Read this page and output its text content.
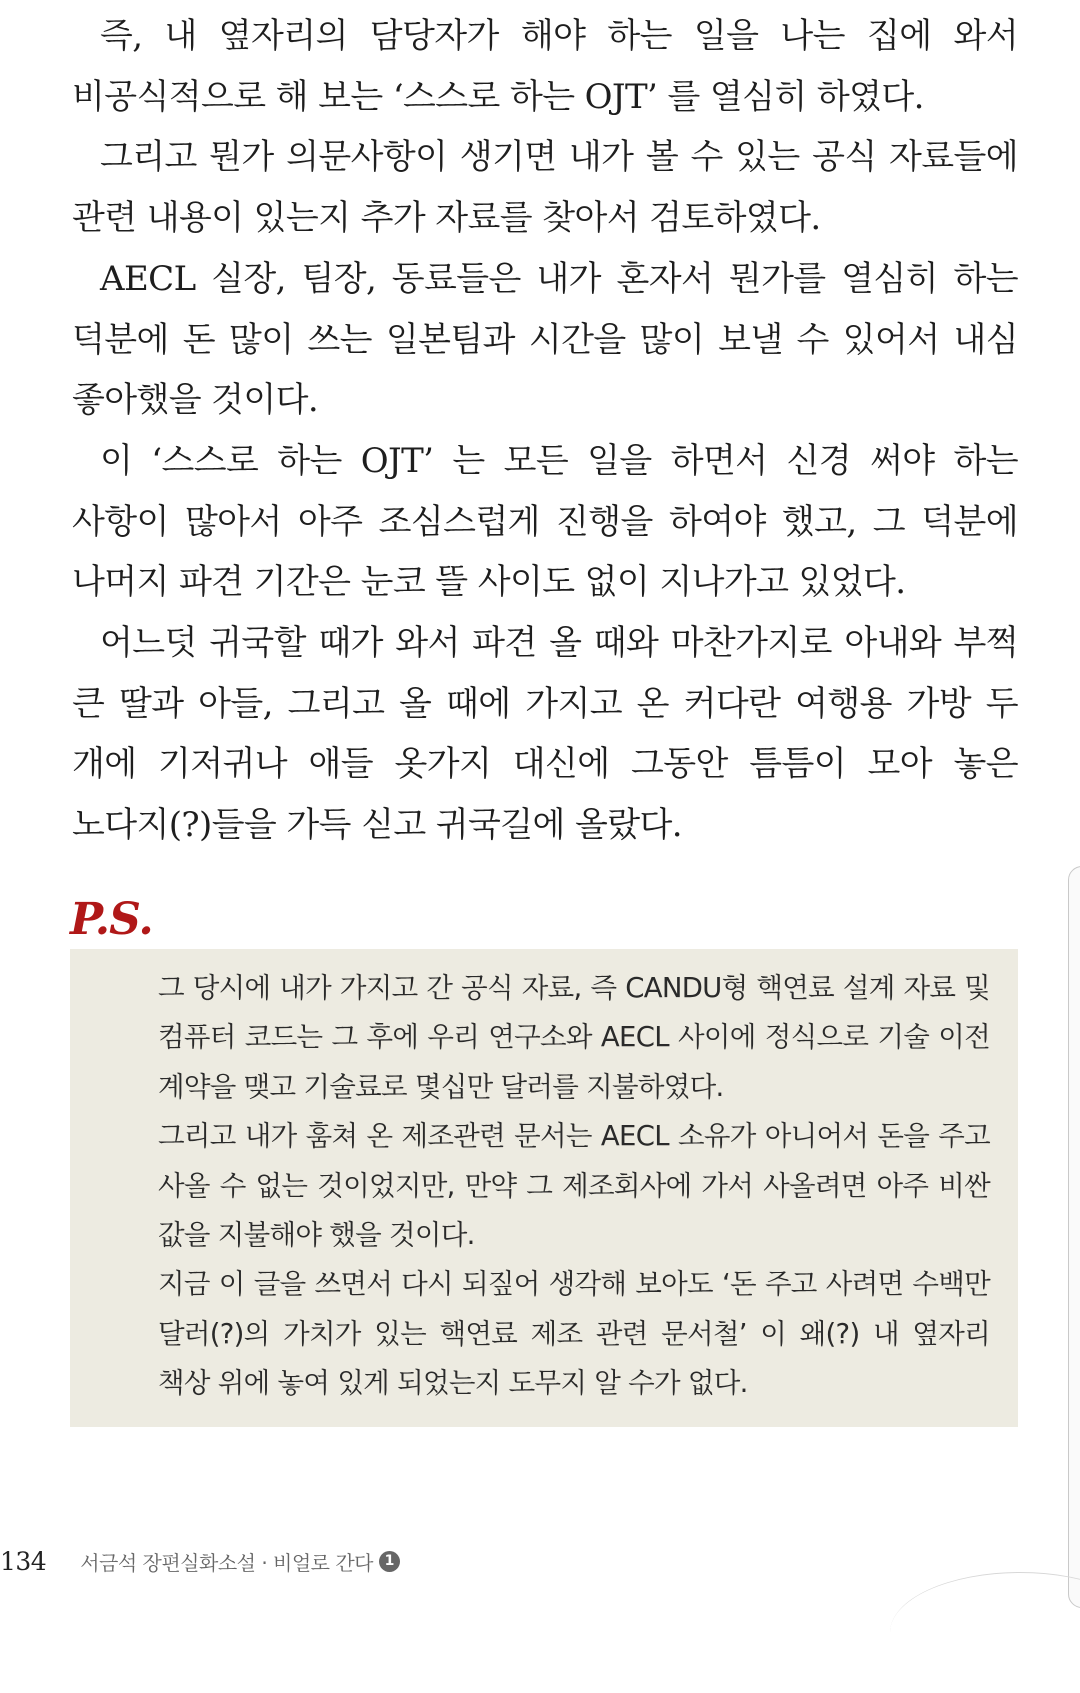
즉, 내 옆자리의 담당자가 해야 하는 일을 나는 집에 와서 비공식적으로 해 보는 ‘스스로 하는 OJT’ 를 열심히 하였다.

그리고 뭔가 의문사항이 생기면 내가 볼 수 있는 공식 자료들에 관련 내용이 있는지 추가 자료를 찾아서 검토하였다.

AECL 실장, 팀장, 동료들은 내가 혼자서 뭔가를 열심히 하는 덕분에 돈 많이 쓰는 일본팀과 시간을 많이 보낼 수 있어서 내심 좋아했을 것이다.

이 ‘스스로 하는 OJT’ 는 모든 일을 하면서 신경 써야 하는 사항이 많아서 아주 조심스럽게 진행을 하여야 했고, 그 덕분에 나머지 파견 기간은 눈코 뜰 사이도 없이 지나가고 있었다.

어느덧 귀국할 때가 와서 파견 올 때와 마찬가지로 아내와 부쩍 큰 딸과 아들, 그리고 올 때에 가지고 온 커다란 여행용 가방 두 개에 기저귀나 애들 옷가지 대신에 그동안 틈틈이 모아 놓은 노다지(?)들을 가득 싣고 귀국길에 올랐다.

P.S.

그 당시에 내가 가지고 간 공식 자료, 즉 CANDU형 핵연료 설계 자료 및 컴퓨터 코드는 그 후에 우리 연구소와 AECL 사이에 정식으로 기술 이전 계약을 맺고 기술료로 몇십만 달러를 지불하였다.

그리고 내가 훔쳐 온 제조관련 문서는 AECL 소유가 아니어서 돈을 주고 사올 수 없는 것이었지만, 만약 그 제조회사에 가서 사올려면 아주 비싼 값을 지불해야 했을 것이다.

지금 이 글을 쓰면서 다시 되짚어 생각해 보아도 ‘돈 주고 사려면 수백만 달러(?)의 가치가 있는 핵연료 제조 관련 문서철’ 이 왜(?) 내 옆자리 책상 위에 놓여 있게 되었는지 도무지 알 수가 없다.

134 서금석 장편실화소설 · 비얼로 간다 1
